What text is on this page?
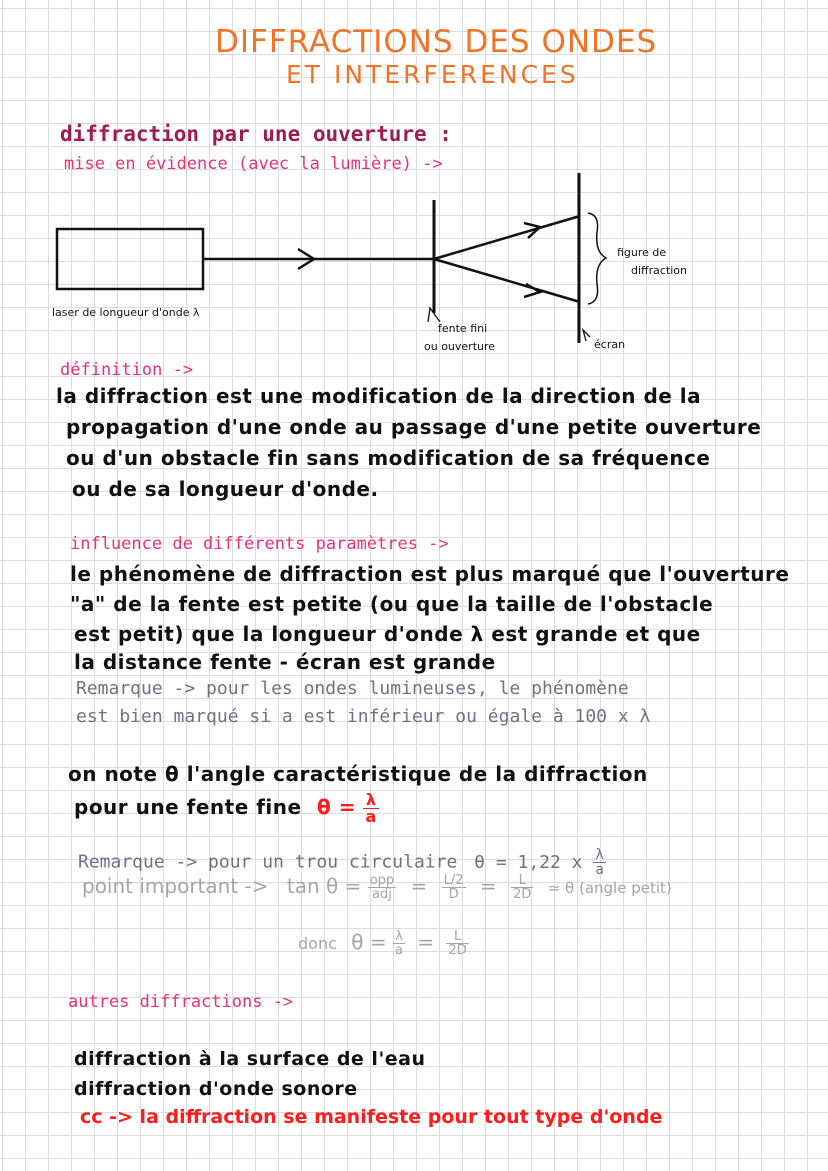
DIFFRACTIONS DES ONDES
ET INTERFERENCES
diffraction par une ouverture :
mise en évidence (avec la lumière) ->
laser de longueur d'onde λ
fente fini
ou ouverture	écran
figure de
diffraction
définition ->
la diffraction est une modification de la direction de la
propagation d'une onde au passage d'une petite ouverture
ou d'un obstacle fin sans modification de sa fréquence
ou de sa longueur d'onde.
influence de différents paramètres ->
le phénomène de diffraction est plus marqué que l'ouverture
"a" de la fente est petite (ou que la taille de l'obstacle
est petit) que la longueur d'onde λ est grande et que
la distance fente - écran est grande
Remarque -> pour les ondes lumineuses, le phénomène
est bien marqué si a est inférieur ou égale à 100 x λ
on note θ l'angle caractéristique de la diffraction
pour une fente fine $\theta = \frac{\lambda}{a}$
Remarque -> pour un trou circulaire θ = 1,22 x $\frac{\lambda}{a}$
point important -> $\tan \theta = \frac{\text{opp}}{\text{adj}} = \frac{L/2}{D} = \frac{L}{2D}$ ≃ θ (angle petit)
donc $\theta = \frac{\lambda}{a} = \frac{L}{2D}$
autres diffractions ->
diffraction à la surface de l'eau
diffraction d'onde sonore
cc -> la diffraction se manifeste pour tout type d'onde
